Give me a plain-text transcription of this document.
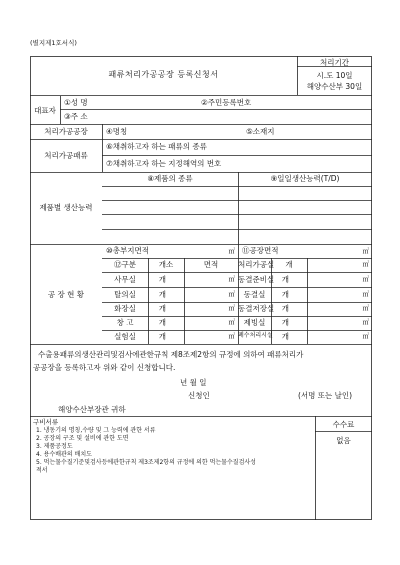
(별지제1호서식)
패류처리가공공장 등록신청서
처리기간
시.도 10일
해양수산부 30일
대표자
①성 명	②주민등록번호
③주 소
처리가공공장	④명칭	⑤소재지
처리가공패류
⑥채취하고자 하는 패류의 종류
⑦채취하고자 하는 지정해역의 번호
제품별 생산능력
⑧제품의 종류	⑨일일생산능력(T/D)
공 장 현 황
⑩총부지면적	㎡ ⑪공장면적	㎡
⑫구분	개소	면적	처리가공실	개	㎡
사무실	개	㎡ 동결준비실	개	㎡
탈의실	개	㎡	동결실	개	㎡
화장실	개	㎡ 동결저장실	개	㎡
창 고	개	㎡	제빙실	개	㎡
실험실	개	㎡ 폐수처리시설	개	㎡
수출용패류의생산관리및검사에관한규칙 제8조제2항의 규정에 의하여 패류처리가
공공장을 등록하고자 위와 같이 신청합니다.
년 월 일
신청인	(서명 또는 날인)
해양수산부장관 귀하
구비서류
1. 냉동기의 명칭,수량 및 그 능력에 관한 서류
2. 공장의 구조 및 설비에 관한 도면
3. 제품공정도
4. 용수배관의 배치도
5. 먹는물수질기준및검사등에관한규칙 제3조제2항의 규정에 의한 먹는물수질검사성
적서
수수료
없음
